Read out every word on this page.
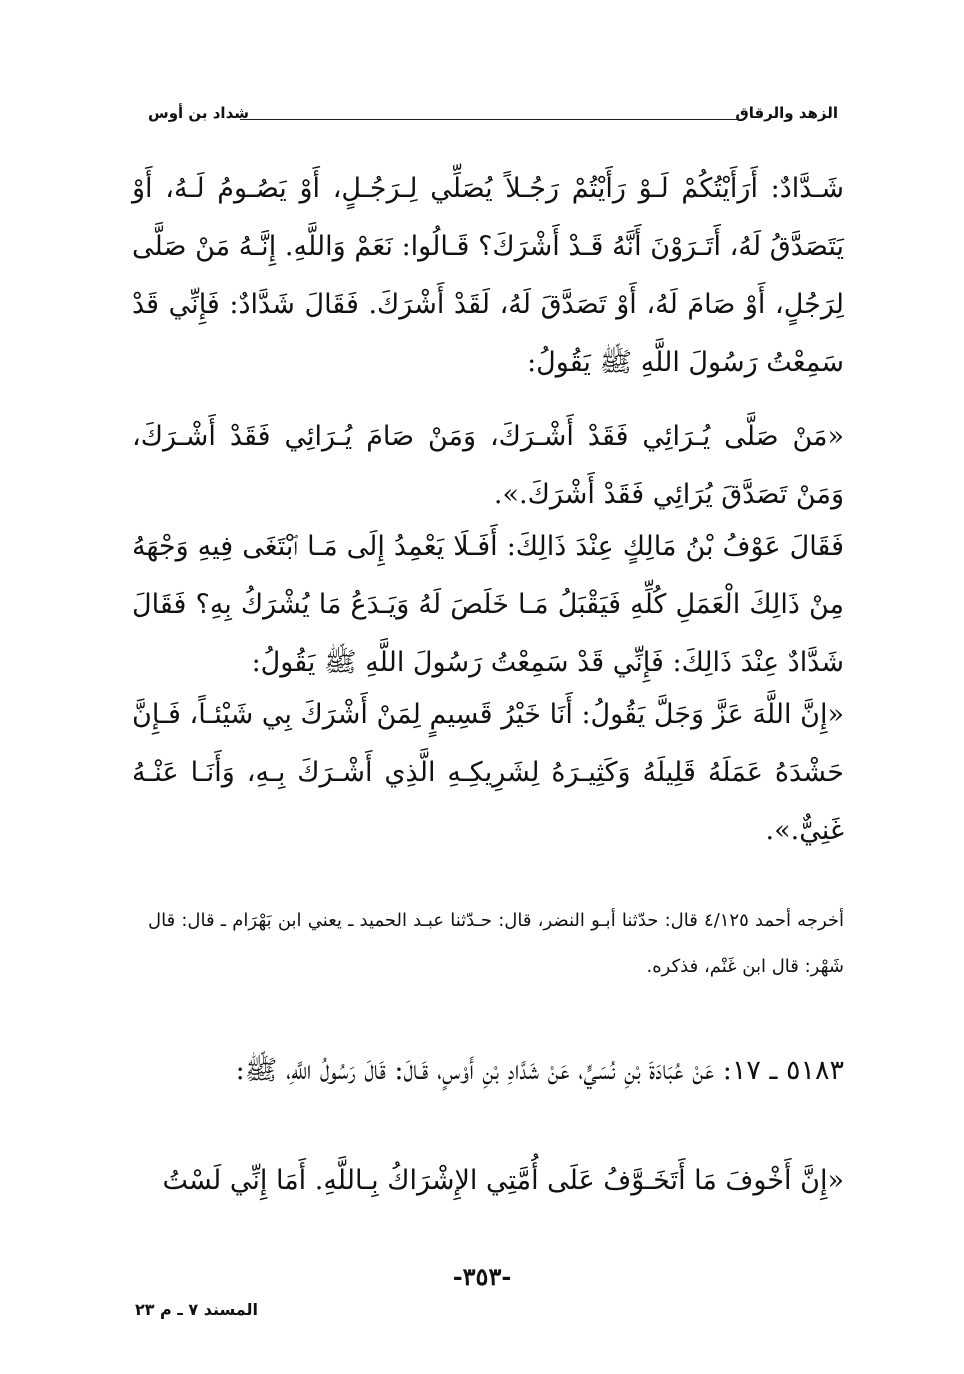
الزهد والرقاق
شداد بن أوس
شَـدَّادٌ: أَرَأَيْتُكُمْ لَـوْ رَأَيْتُمْ رَجُـلاً يُصَلِّي لِـرَجُـلٍ، أَوْ يَصُـومُ لَـهُ، أَوْ يَتَصَدَّقُ لَهُ، أَتَـرَوْنَ أَنَّهُ قَـدْ أَشْرَكَ؟ قَـالُوا: نَعَمْ وَاللَّهِ. إِنَّـهُ مَنْ صَلَّى لِرَجُلٍ، أَوْ صَامَ لَهُ، أَوْ تَصَدَّقَ لَهُ، لَقَدْ أَشْرَكَ. فَقَالَ شَدَّادٌ: فَإِنِّي قَدْ سَمِعْتُ رَسُولَ اللَّهِ ﷺ يَقُولُ:
«مَنْ صَلَّى يُـرَائِي فَقَدْ أَشْـرَكَ، وَمَنْ صَامَ يُـرَائِي فَقَدْ أَشْـرَكَ، وَمَنْ تَصَدَّقَ يُرَائِي فَقَدْ أَشْرَكَ.».
فَقَالَ عَوْفُ بْنُ مَالِكٍ عِنْدَ ذَالِكَ: أَفَـلَا يَعْمِدُ إِلَى مَـا ٱبْتَغَى فِيهِ وَجْهَهُ مِنْ ذَالِكَ الْعَمَلِ كُلِّهِ فَيَقْبَلُ مَـا خَلَصَ لَهُ وَيَـدَعُ مَا يُشْرَكُ بِهِ؟ فَقَالَ شَدَّادٌ عِنْدَ ذَالِكَ: فَإِنِّي قَدْ سَمِعْتُ رَسُولَ اللَّهِ ﷺ يَقُولُ:
«إِنَّ اللَّهَ عَزَّ وَجَلَّ يَقُولُ: أَنَا خَيْرُ قَسِيمٍ لِمَنْ أَشْرَكَ بِي شَيْئـاً، فَـإِنَّ حَشْدَهُ عَمَلَهُ قَلِيلَهُ وَكَثِيـرَهُ لِشَرِيكِـهِ الَّذِي أَشْـرَكَ بِـهِ، وَأَنَـا عَنْـهُ غَنِيٌّ.».
أخرجه أحمد ٤/١٢٥ قال: حدّثنا أبـو النضر، قال: حـدّثنا عبـد الحميد ـ يعني ابن بَهْرَام ـ قال: قال شَهْر: قال ابن غَنْم، فذكره.
٥١٨٣ ـ ١٧: عَنْ عُبَادَةَ بْنِ نُسَيٍّ، عَنْ شَدَّادِ بْنِ أَوْسٍ، قَـالَ: قَالَ رَسُولُ اللَّهِ، ﷺ:
«إِنَّ أَخْوفَ مَا أَتَخَـوَّفُ عَلَى أُمَّتِي الإِشْرَاكُ بِـاللَّهِ. أَمَا إِنِّي لَسْتُ
-٣٥٣-
المسند ٧ ـ م ٢٣
